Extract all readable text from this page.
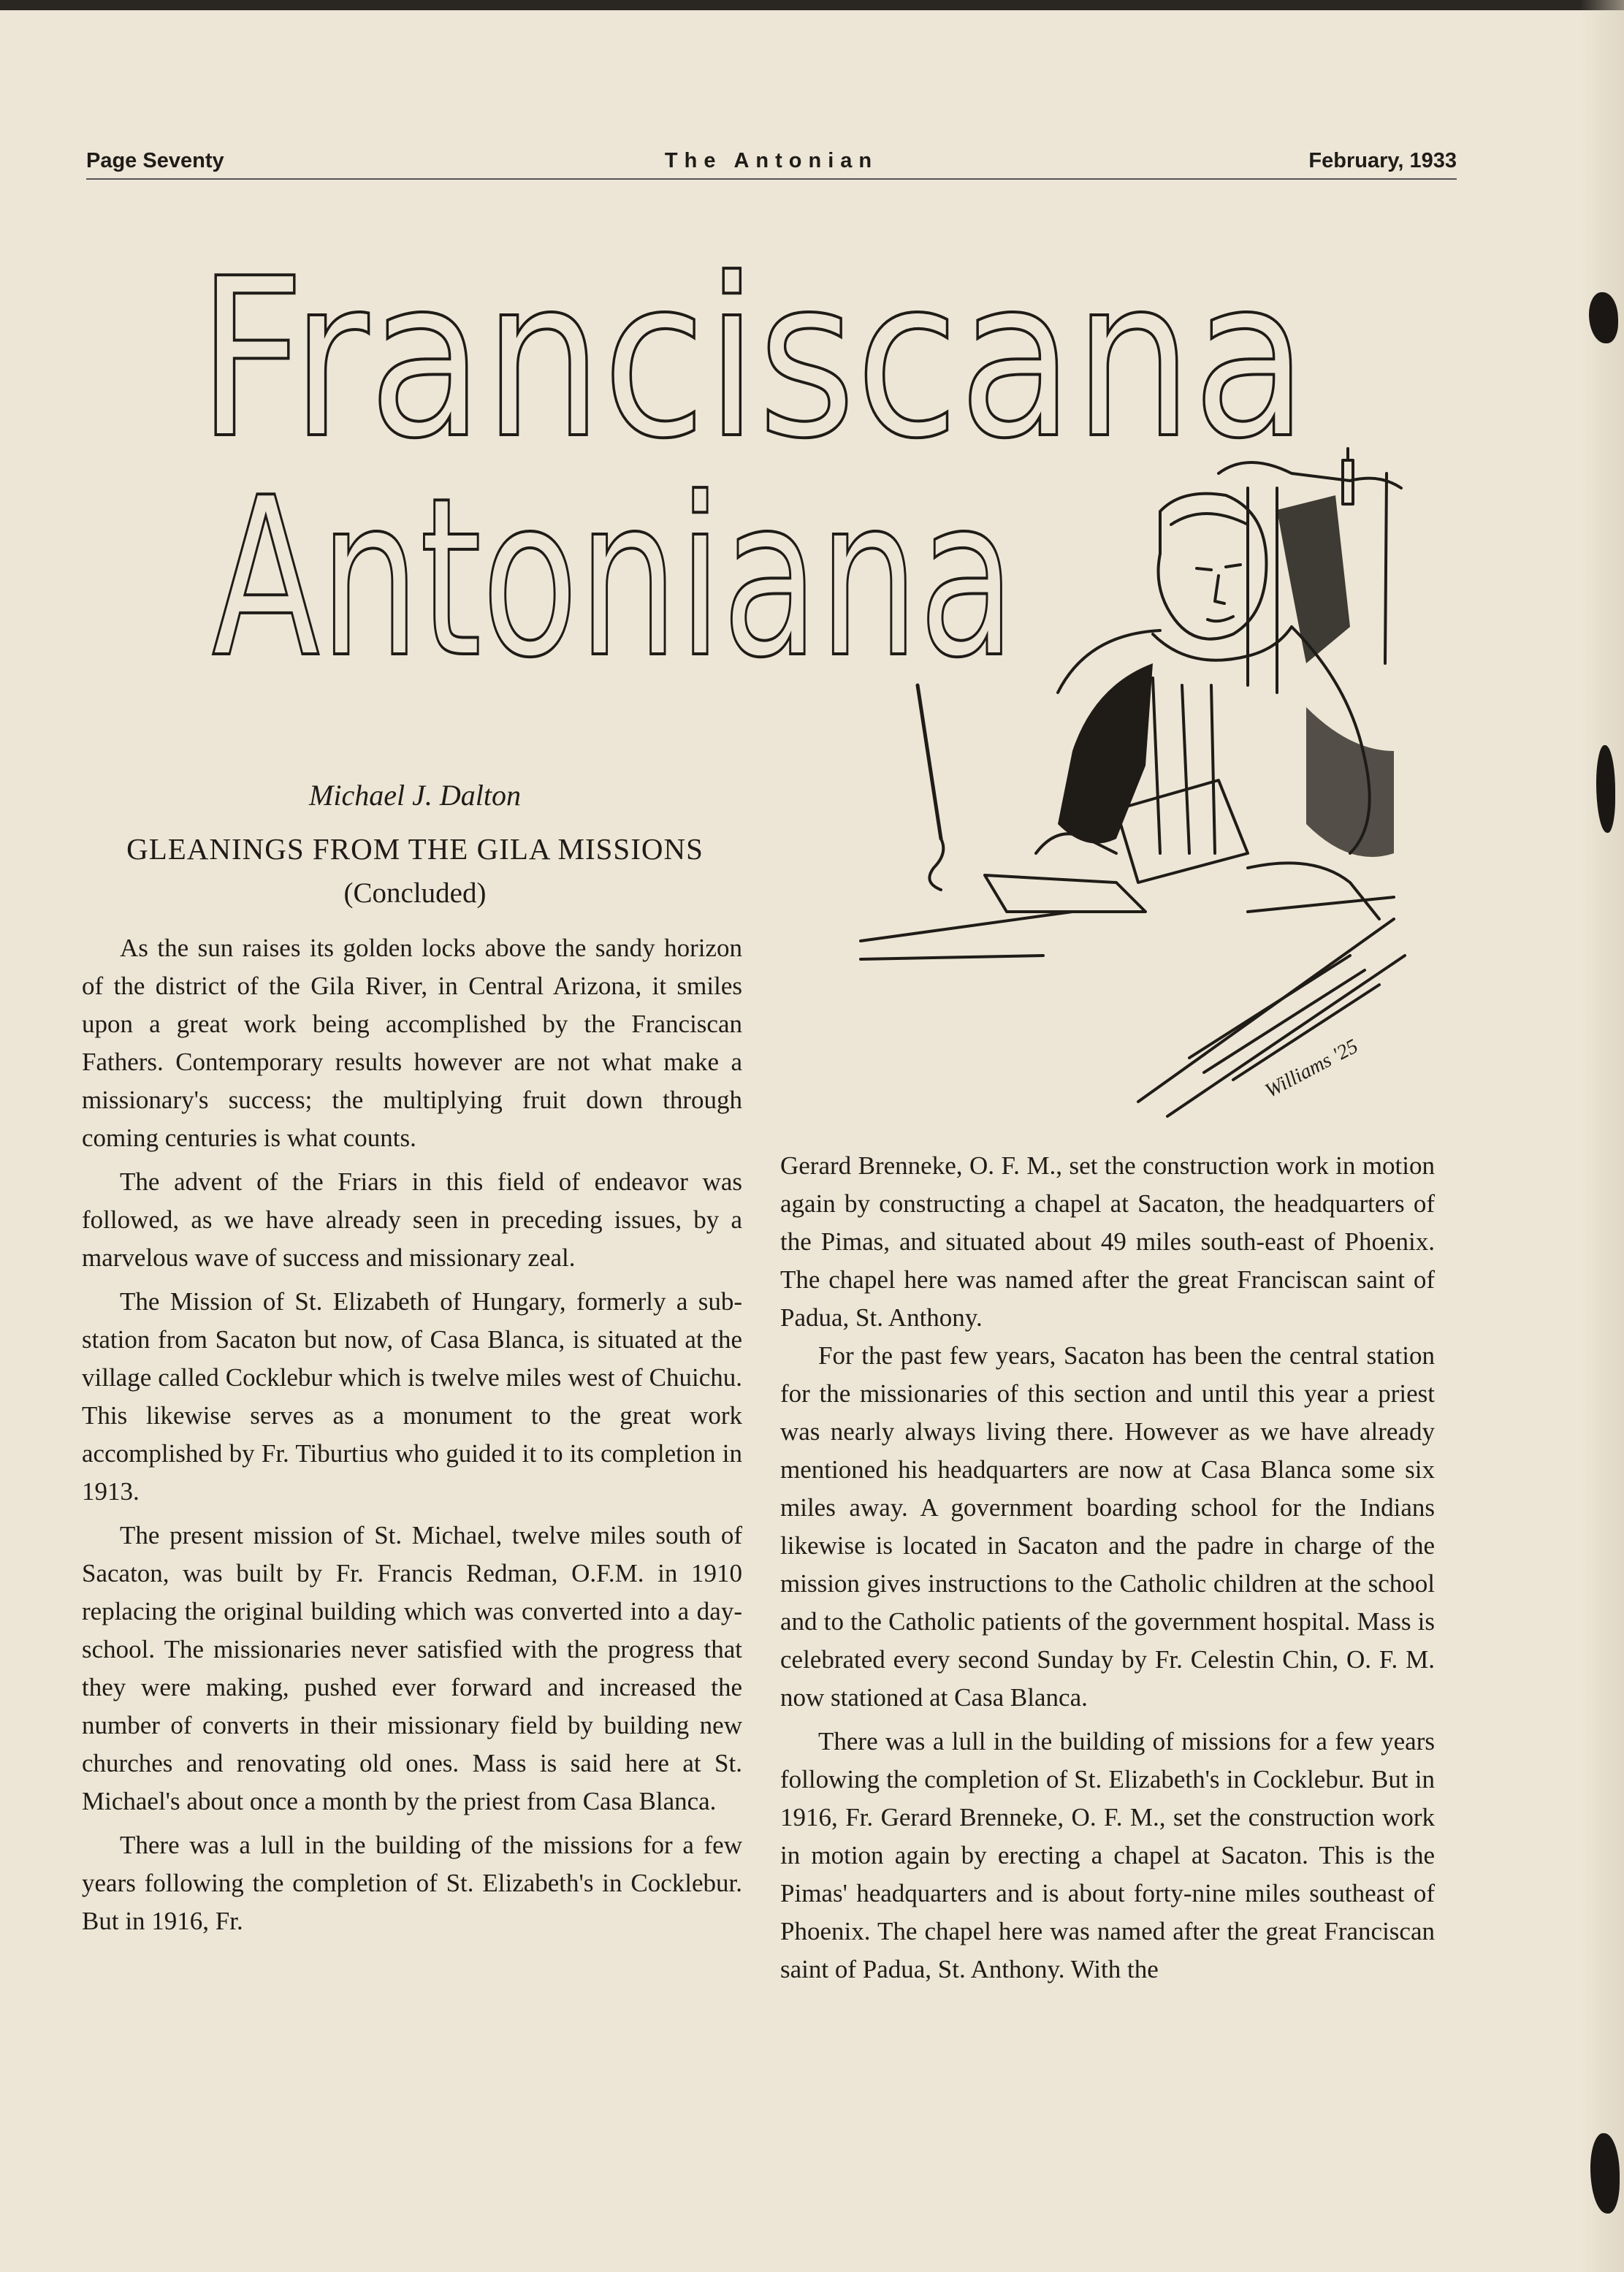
Page Seventy	The Antonian	February, 1933
Franciscana
Antoniana
Williams '25
Michael J. Dalton
GLEANINGS FROM THE GILA MISSIONS
(Concluded)

As the sun raises its golden locks above the sandy horizon of the district of the Gila River, in Central Arizona, it smiles upon a great work being accomplished by the Franciscan Fathers. Contemporary results however are not what make a missionary's success; the multiplying fruit down through coming centuries is what counts.

The advent of the Friars in this field of endeavor was followed, as we have already seen in preceding issues, by a marvelous wave of success and missionary zeal.

The Mission of St. Elizabeth of Hungary, formerly a sub-station from Sacaton but now, of Casa Blanca, is situated at the village called Cocklebur which is twelve miles west of Chuichu. This likewise serves as a monument to the great work accomplished by Fr. Tiburtius who guided it to its completion in 1913.

The present mission of St. Michael, twelve miles south of Sacaton, was built by Fr. Francis Redman, O.F.M. in 1910 replacing the original building which was converted into a day-school. The missionaries never satisfied with the progress that they were making, pushed ever forward and increased the number of converts in their missionary field by building new churches and renovating old ones. Mass is said here at St. Michael's about once a month by the priest from Casa Blanca.

There was a lull in the building of the missions for a few years following the completion of St. Elizabeth's in Cocklebur. But in 1916, Fr.

Gerard Brenneke, O. F. M., set the construction work in motion again by constructing a chapel at Sacaton, the headquarters of the Pimas, and situated about 49 miles south-east of Phoenix. The chapel here was named after the great Franciscan saint of Padua, St. Anthony.

For the past few years, Sacaton has been the central station for the missionaries of this section and until this year a priest was nearly always living there. However as we have already mentioned his headquarters are now at Casa Blanca some six miles away. A government boarding school for the Indians likewise is located in Sacaton and the padre in charge of the mission gives instructions to the Catholic children at the school and to the Catholic patients of the government hospital. Mass is celebrated every second Sunday by Fr. Celestin Chin, O. F. M. now stationed at Casa Blanca.

There was a lull in the building of missions for a few years following the completion of St. Elizabeth's in Cocklebur. But in 1916, Fr. Gerard Brenneke, O. F. M., set the construction work in motion again by erecting a chapel at Sacaton. This is the Pimas' headquarters and is about forty-nine miles southeast of Phoenix. The chapel here was named after the great Franciscan saint of Padua, St. Anthony. With the
